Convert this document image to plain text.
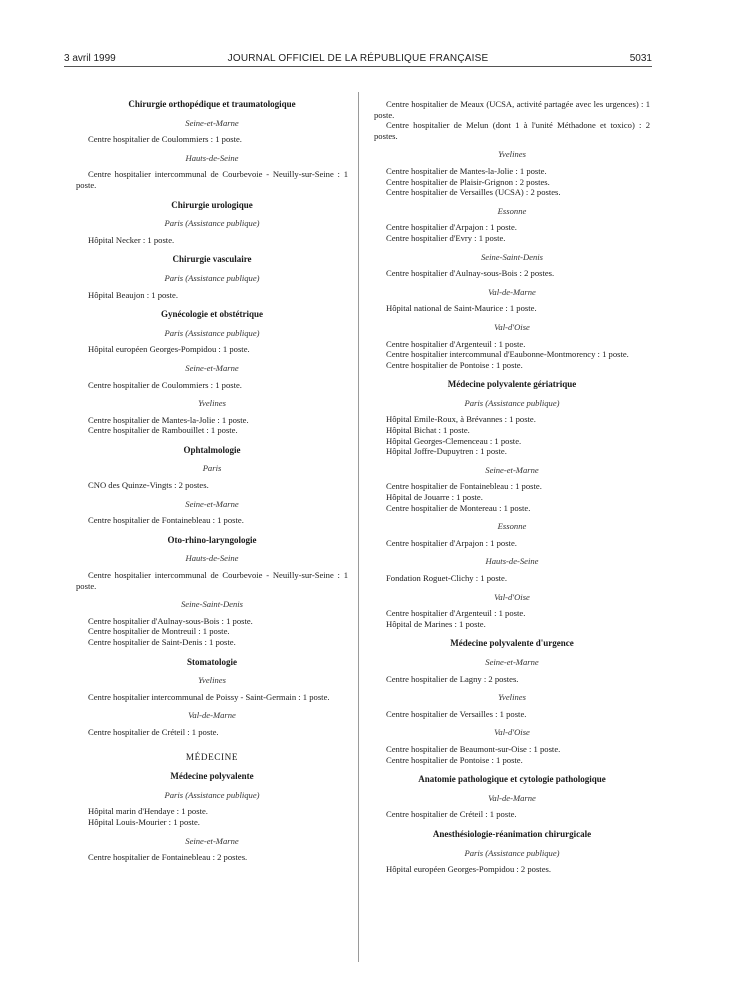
3 avril 1999	JOURNAL OFFICIEL DE LA RÉPUBLIQUE FRANÇAISE	5031

Chirurgie orthopédique et traumatologique

Seine-et-Marne

Centre hospitalier de Coulommiers : 1 poste.

Hauts-de-Seine

Centre hospitalier intercommunal de Courbevoie - Neuilly-sur-Seine : 1 poste.

Chirurgie urologique

Paris (Assistance publique)

Hôpital Necker : 1 poste.

Chirurgie vasculaire

Paris (Assistance publique)

Hôpital Beaujon : 1 poste.

Gynécologie et obstétrique

Paris (Assistance publique)

Hôpital européen Georges-Pompidou : 1 poste.

Seine-et-Marne

Centre hospitalier de Coulommiers : 1 poste.

Yvelines

Centre hospitalier de Mantes-la-Jolie : 1 poste.

Centre hospitalier de Rambouillet : 1 poste.

Ophtalmologie

Paris

CNO des Quinze-Vingts : 2 postes.

Seine-et-Marne

Centre hospitalier de Fontainebleau : 1 poste.

Oto-rhino-laryngologie

Hauts-de-Seine

Centre hospitalier intercommunal de Courbevoie - Neuilly-sur-Seine : 1 poste.

Seine-Saint-Denis

Centre hospitalier d'Aulnay-sous-Bois : 1 poste.

Centre hospitalier de Montreuil : 1 poste.

Centre hospitalier de Saint-Denis : 1 poste.

Stomatologie

Yvelines

Centre hospitalier intercommunal de Poissy - Saint-Germain : 1 poste.

Val-de-Marne

Centre hospitalier de Créteil : 1 poste.

MÉDECINE

Médecine polyvalente

Paris (Assistance publique)

Hôpital marin d'Hendaye : 1 poste.

Hôpital Louis-Mourier : 1 poste.

Seine-et-Marne

Centre hospitalier de Fontainebleau : 2 postes.

Centre hospitalier de Meaux (UCSA, activité partagée avec les urgences) : 1 poste.

Centre hospitalier de Melun (dont 1 à l'unité Méthadone et toxico) : 2 postes.

Yvelines

Centre hospitalier de Mantes-la-Jolie : 1 poste.

Centre hospitalier de Plaisir-Grignon : 2 postes.

Centre hospitalier de Versailles (UCSA) : 2 postes.

Essonne

Centre hospitalier d'Arpajon : 1 poste.

Centre hospitalier d'Evry : 1 poste.

Seine-Saint-Denis

Centre hospitalier d'Aulnay-sous-Bois : 2 postes.

Val-de-Marne

Hôpital national de Saint-Maurice : 1 poste.

Val-d'Oise

Centre hospitalier d'Argenteuil : 1 poste.

Centre hospitalier intercommunal d'Eaubonne-Montmorency : 1 poste.

Centre hospitalier de Pontoise : 1 poste.

Médecine polyvalente gériatrique

Paris (Assistance publique)

Hôpital Emile-Roux, à Brévannes : 1 poste.

Hôpital Bichat : 1 poste.

Hôpital Georges-Clemenceau : 1 poste.

Hôpital Joffre-Dupuytren : 1 poste.

Seine-et-Marne

Centre hospitalier de Fontainebleau : 1 poste.

Hôpital de Jouarre : 1 poste.

Centre hospitalier de Montereau : 1 poste.

Essonne

Centre hospitalier d'Arpajon : 1 poste.

Hauts-de-Seine

Fondation Roguet-Clichy : 1 poste.

Val-d'Oise

Centre hospitalier d'Argenteuil : 1 poste.

Hôpital de Marines : 1 poste.

Médecine polyvalente d'urgence

Seine-et-Marne

Centre hospitalier de Lagny : 2 postes.

Yvelines

Centre hospitalier de Versailles : 1 poste.

Val-d'Oise

Centre hospitalier de Beaumont-sur-Oise : 1 poste.

Centre hospitalier de Pontoise : 1 poste.

Anatomie pathologique et cytologie pathologique

Val-de-Marne

Centre hospitalier de Créteil : 1 poste.

Anesthésiologie-réanimation chirurgicale

Paris (Assistance publique)

Hôpital européen Georges-Pompidou : 2 postes.
